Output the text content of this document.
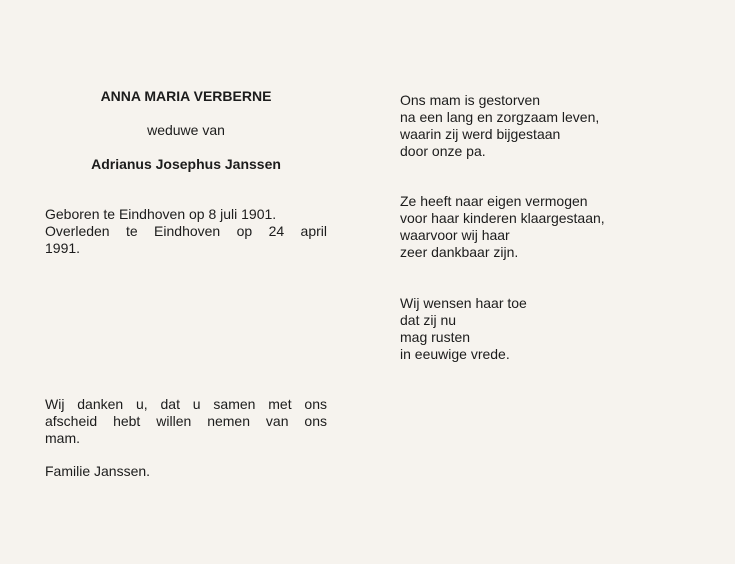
ANNA MARIA VERBERNE
weduwe van
Adrianus Josephus Janssen
Geboren te Eindhoven op 8 juli 1901.
Overleden te Eindhoven op 24 april
1991.
Wij danken u, dat u samen met ons
afscheid hebt willen nemen van ons
mam.
Familie Janssen.
Ons mam is gestorven
na een lang en zorgzaam leven,
waarin zij werd bijgestaan
door onze pa.
Ze heeft naar eigen vermogen
voor haar kinderen klaargestaan,
waarvoor wij haar
zeer dankbaar zijn.
Wij wensen haar toe
dat zij nu
mag rusten
in eeuwige vrede.
